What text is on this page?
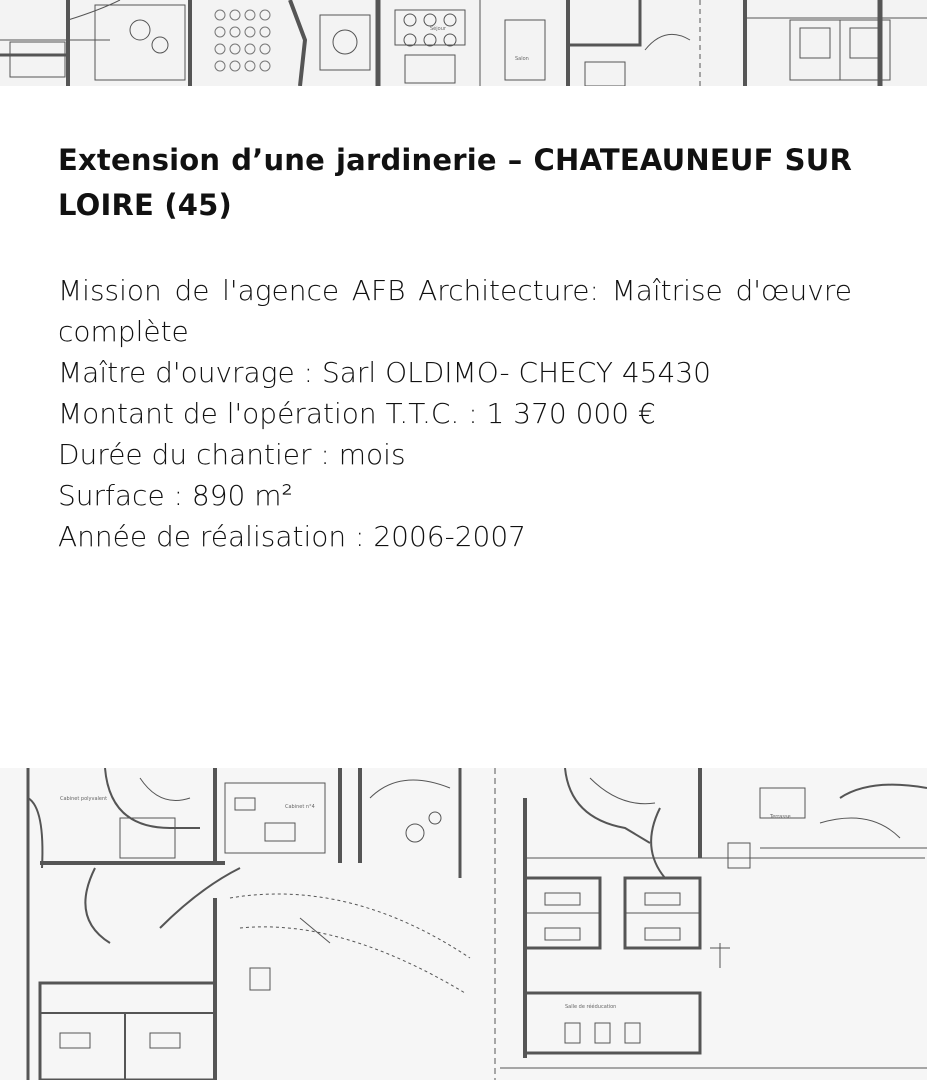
Séjour
Salon
Extension d’une jardinerie – CHATEAUNEUF SUR LOIRE (45)

Mission de l'agence AFB Architecture: Maîtrise d'œuvre complète

Maître d'ouvrage : Sarl OLDIMO- CHECY 45430

Montant de l'opération T.T.C. : 1 370 000 €

Durée du chantier : mois

Surface : 890 m²

Année de réalisation : 2006-2007

Cabinet polyvalent
Cabinet n°4
Salle de rééducation
Terrasse
